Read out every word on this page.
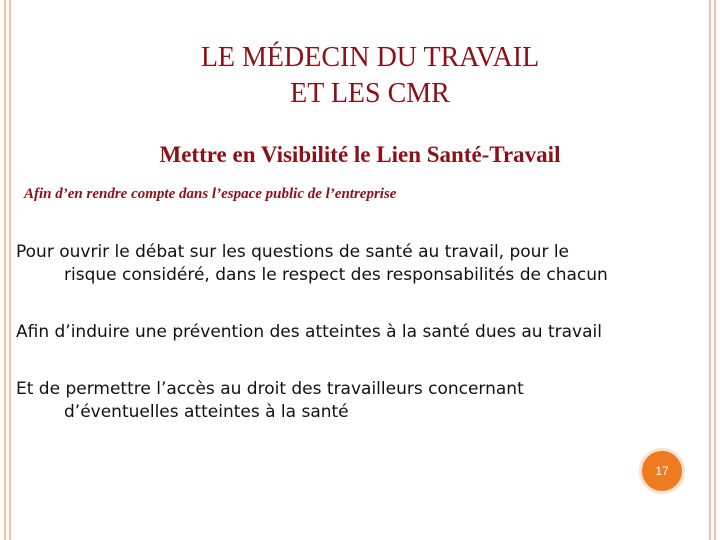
LE MÉDECIN DU TRAVAIL
ET LES CMR
Mettre en Visibilité le Lien Santé-Travail
Afin d’en rendre compte dans l’espace public de l’entreprise
Pour ouvrir le débat sur les questions de santé au travail, pour le
risque considéré, dans le respect des responsabilités de chacun
Afin d’induire une prévention des atteintes à la santé dues au travail
Et de permettre l’accès au droit des travailleurs concernant
d’éventuelles atteintes à la santé
17
